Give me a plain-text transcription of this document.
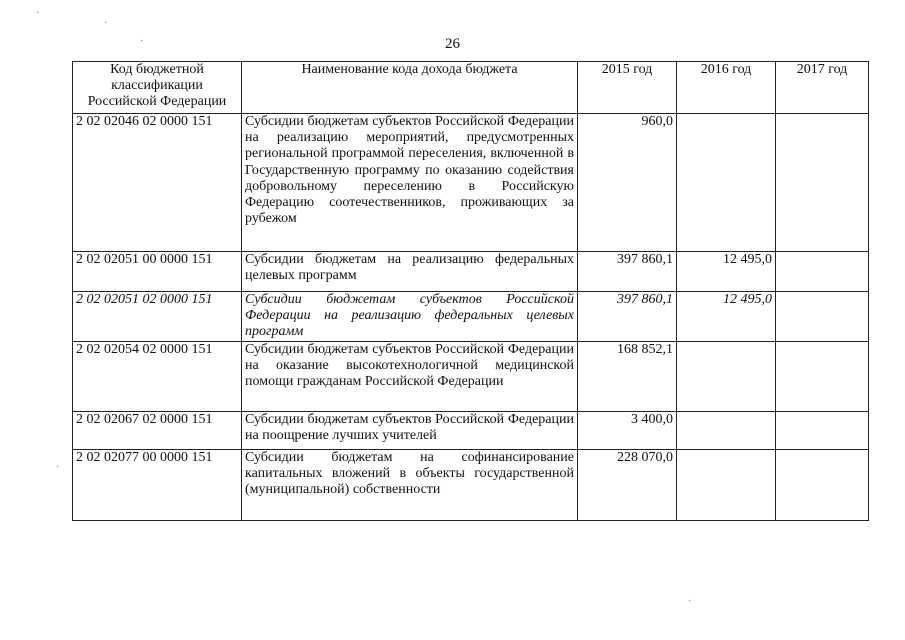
26
Код бюджетной классификации Российской Федерации	Наименование кода дохода бюджета	2015 год	2016 год	2017 год
2 02 02046 02 0000 151	Субсидии бюджетам субъектов Российской Федерации на реализацию мероприятий, предусмотренных региональной программой переселения, включенной в Государственную программу по оказанию содействия добровольному переселению в Российскую Федерацию соотечественников, проживающих за рубежом	960,0		
2 02 02051 00 0000 151	Субсидии бюджетам на реализацию федеральных целевых программ	397 860,1	12 495,0	
2 02 02051 02 0000 151	Субсидии бюджетам субъектов Российской Федерации на реализацию федеральных целевых программ	397 860,1	12 495,0	
2 02 02054 02 0000 151	Субсидии бюджетам субъектов Российской Федерации на оказание высокотехнологичной медицинской помощи гражданам Российской Федерации	168 852,1		
2 02 02067 02 0000 151	Субсидии бюджетам субъектов Российской Федерации на поощрение лучших учителей	3 400,0		
2 02 02077 00 0000 151	Субсидии бюджетам на софинансирование капитальных вложений в объекты государственной (муниципальной) собственности	228 070,0		
·
·
·
·
·
